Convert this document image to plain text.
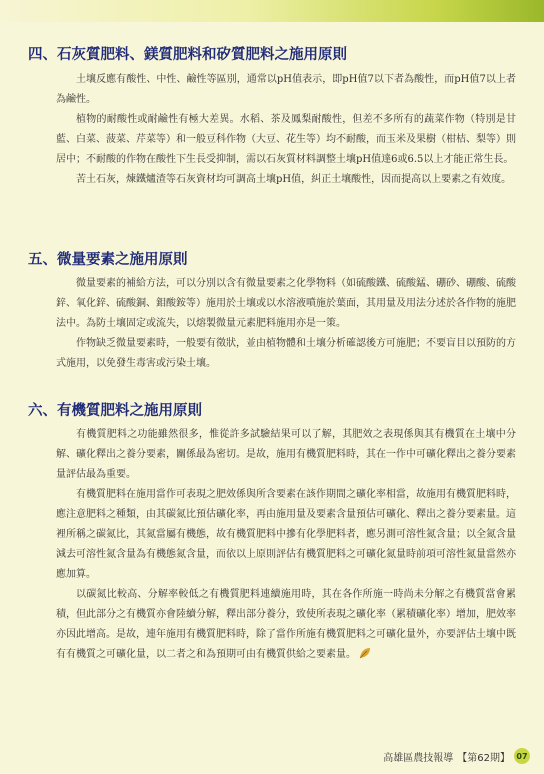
四、石灰質肥料、鎂質肥料和矽質肥料之施用原則

土壤反應有酸性、中性、鹼性等區別，通常以pH值表示，即pH值7以下者為酸性，而pH值7以上者為鹼性。

植物的耐酸性或耐鹼性有極大差異。水稻、茶及鳳梨耐酸性，但差不多所有的蔬菜作物（特別是甘藍、白菜、菠菜、芹菜等）和一般豆科作物（大豆、花生等）均不耐酸，而玉米及果樹（柑桔、梨等）則居中；不耐酸的作物在酸性下生長受抑制，需以石灰質材料調整土壤pH值達6或6.5以上才能正常生長。

苦土石灰，煉鐵爐渣等石灰資材均可調高土壤pH值，糾正土壤酸性，因而提高以上要素之有效度。

五、微量要素之施用原則

微量要素的補給方法，可以分別以含有微量要素之化學物料（如硫酸鐵、硫酸錳、硼砂、硼酸、硫酸鋅、氧化鋅、硫酸銅、鉬酸銨等）施用於土壤或以水溶液噴施於葉面，其用量及用法分述於各作物的施肥法中。為防土壤固定或流失，以熔製微量元素肥料施用亦是一策。

作物缺乏微量要素時，一般要有徵狀，並由植物體和土壤分析確認後方可施肥；不要盲目以預防的方式施用，以免發生毒害或污染土壤。

六、有機質肥料之施用原則

有機質肥料之功能雖然很多，惟從許多試驗結果可以了解，其肥效之表現係與其有機質在土壤中分解、礦化釋出之養分要素，關係最為密切。是故，施用有機質肥料時，其在一作中可礦化釋出之養分要素量評估最為重要。

有機質肥料在施用當作可表現之肥效係與所含要素在該作期間之礦化率相當，故施用有機質肥料時，應注意肥料之種類，由其碳氮比預估礦化率，再由施用量及要素含量預估可礦化、釋出之養分要素量。這裡所稱之碳氮比，其氮當屬有機態，故有機質肥料中摻有化學肥料者，應另測可溶性氮含量；以全氮含量減去可溶性氮含量為有機態氮含量，而依以上原則評估有機質肥料之可礦化氮量時前項可溶性氮量當然亦應加算。

以碳氮比較高、分解率較低之有機質肥料連續施用時，其在各作所施一時尚未分解之有機質當會累積，但此部分之有機質亦會陸續分解，釋出部分養分，致使所表現之礦化率（累積礦化率）增加，肥效率亦因此增高。是故，連年施用有機質肥料時，除了當作所施有機質肥料之可礦化量外，亦要評估土壤中既有有機質之可礦化量，以二者之和為預期可由有機質供給之要素量。

高雄區農技報導 【第62期】 07
